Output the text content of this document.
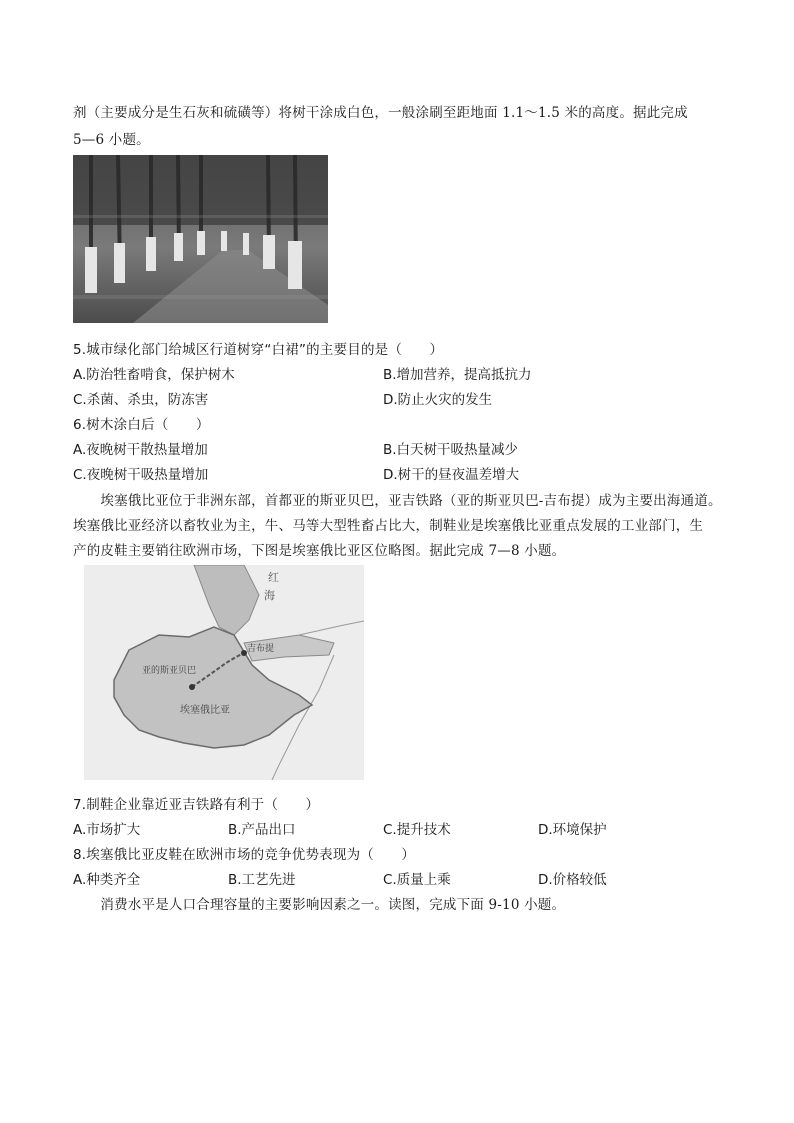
剂（主要成分是生石灰和硫磺等）将树干涂成白色，一般涂刷至距地面 1.1～1.5 米的高度。据此完成
5—6 小题。
5.城市绿化部门给城区行道树穿“白裙”的主要目的是（　　）
A.防治牲畜啃食，保护树木	B.增加营养，提高抵抗力
C.杀菌、杀虫，防冻害	D.防止火灾的发生
6.树木涂白后（　　）
A.夜晚树干散热量增加	B.白天树干吸热量减少
C.夜晚树干吸热量增加	D.树干的昼夜温差增大
　　埃塞俄比亚位于非洲东部，首都亚的斯亚贝巴，亚吉铁路（亚的斯亚贝巴-吉布提）成为主要出海通道。
埃塞俄比亚经济以畜牧业为主，牛、马等大型牲畜占比大，制鞋业是埃塞俄比亚重点发展的工业部门，生
产的皮鞋主要销往欧洲市场，下图是埃塞俄比亚区位略图。据此完成 7—8 小题。
红
海
吉布提
亚的斯亚贝巴
埃塞俄比亚
7.制鞋企业靠近亚吉铁路有利于（　　）
A.市场扩大	B.产品出口	C.提升技术	D.环境保护
8.埃塞俄比亚皮鞋在欧洲市场的竞争优势表现为（　　）
A.种类齐全	B.工艺先进	C.质量上乘	D.价格较低
　　消费水平是人口合理容量的主要影响因素之一。读图，完成下面 9-10 小题。
